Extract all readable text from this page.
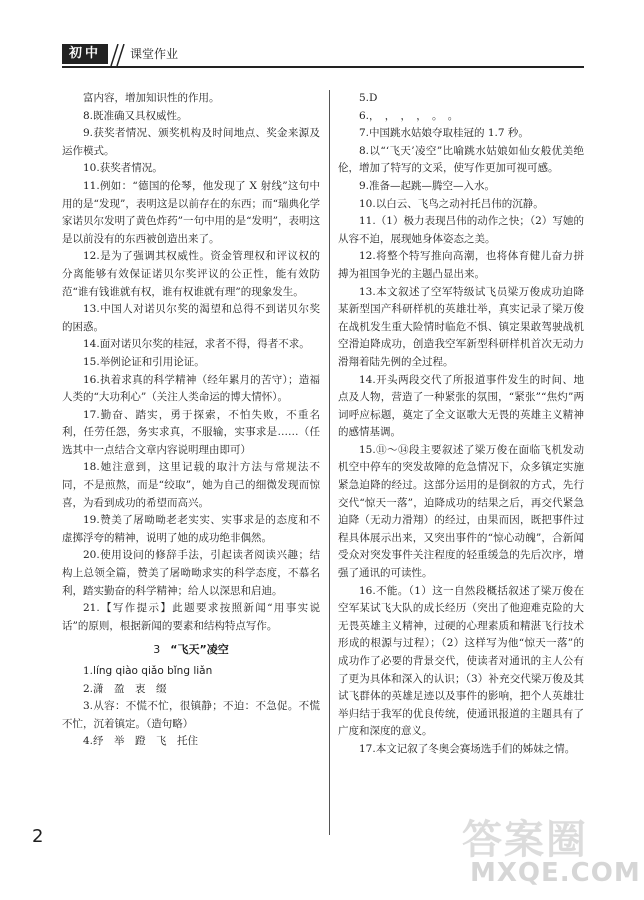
初中	课堂作业

富内容，增加知识性的作用。

8.既准确又具权威性。

9.获奖者情况、颁奖机构及时间地点、奖金来源及运作模式。

10.获奖者情况。

11.例如：“德国的伦琴，他发现了 X 射线”这句中用的是“发现”，表明这是以前存在的东西；而“瑞典化学家诺贝尔发明了黄色炸药”一句中用的是“发明”，表明这是以前没有的东西被创造出来了。

12.是为了强调其权威性。资金管理权和评议权的分离能够有效保证诺贝尔奖评议的公正性，能有效防范“谁有钱谁就有权，谁有权谁就有理”的现象发生。

13.中国人对诺贝尔奖的渴望和总得不到诺贝尔奖的困惑。

14.面对诺贝尔奖的桂冠，求者不得，得者不求。

15.举例论证和引用论证。

16.执着求真的科学精神（经年累月的苦守）；造福人类的“大功利心”（关注人类命运的博大情怀）。

17.勤奋、踏实，勇于探索，不怕失败，不重名利，任劳任怨，务实求真，不服输，实事求是……（任选其中一点结合文章内容说明理由即可）

18.她注意到，这里记载的取汁方法与常规法不同，不是煎熬，而是“绞取”，她为自己的细微发现而惊喜，为看到成功的希望而高兴。

19.赞美了屠呦呦老老实实、实事求是的态度和不虚掷浮夸的精神，说明了她的成功绝非偶然。

20.使用设问的修辞手法，引起读者阅读兴趣；结构上总领全篇，赞美了屠呦呦求实的科学态度，不慕名利，踏实勤奋的科学精神；给人以深思和启迪。

21.【写作提示】此题要求按照新闻“用事实说话”的原则，根据新闻的要素和结构特点写作。

3 “飞天”凌空

1.líng qiào qiǎo bǐng liǎn

2.潇　盈　衷　缀

3.从容：不慌不忙，很镇静；不迫：不急促。不慌不忙，沉着镇定。（造句略）

4.纾　举　蹬　飞　托住

5.D

6.，　，　，　，　。　。

7.中国跳水姑娘夺取桂冠的 1.7 秒。

8.以“‘飞天’凌空”比喻跳水姑娘如仙女般优美绝伦，增加了特写的文采，使写作更加可视可感。

9.准备—起跳—腾空—入水。

10.以白云、飞鸟之动衬托吕伟的沉静。

11.（1）极力表现吕伟的动作之快；（2）写她的从容不迫，展现她身体姿态之美。

12.将整个特写推向高潮，也将体育健儿奋力拼搏为祖国争光的主题凸显出来。

13.本文叙述了空军特级试飞员梁万俊成功迫降某新型国产科研样机的英雄壮举，真实记录了梁万俊在战机发生重大险情时临危不惧、镇定果敢驾驶战机空滑迫降成功，创造我空军新型科研样机首次无动力滑翔着陆先例的全过程。

14.开头两段交代了所报道事件发生的时间、地点及人物，营造了一种紧张的氛围，“紧张”“焦灼”两词呼应标题，奠定了全文讴歌大无畏的英雄主义精神的感情基调。

15.⑪～⑭段主要叙述了梁万俊在面临飞机发动机空中停车的突发故障的危急情况下，众多镇定实施紧急迫降的经过。这部分运用的是倒叙的方式，先行交代“惊天一落”，迫降成功的结果之后，再交代紧急迫降（无动力滑翔）的经过，由果而因，既把事件过程具体展示出来，又突出事件的“惊心动魄”，合新闻受众对突发事件关注程度的轻重缓急的先后次序，增强了通讯的可读性。

16.不能。（1）这一自然段概括叙述了梁万俊在空军某试飞大队的成长经历（突出了他迎难克险的大无畏英雄主义精神，过硬的心理素质和精湛飞行技术形成的根源与过程）；（2）这样写为他“惊天一落”的成功作了必要的背景交代，使读者对通讯的主人公有了更为具体和深入的认识；（3）补充交代梁万俊及其试飞群体的英雄足迹以及事件的影响，把个人英雄壮举归结于我军的优良传统，使通讯报道的主题具有了广度和深度的意义。

17.本文记叙了冬奥会赛场选手们的姊妹之情。

2	答案圈
MXQE.COM
